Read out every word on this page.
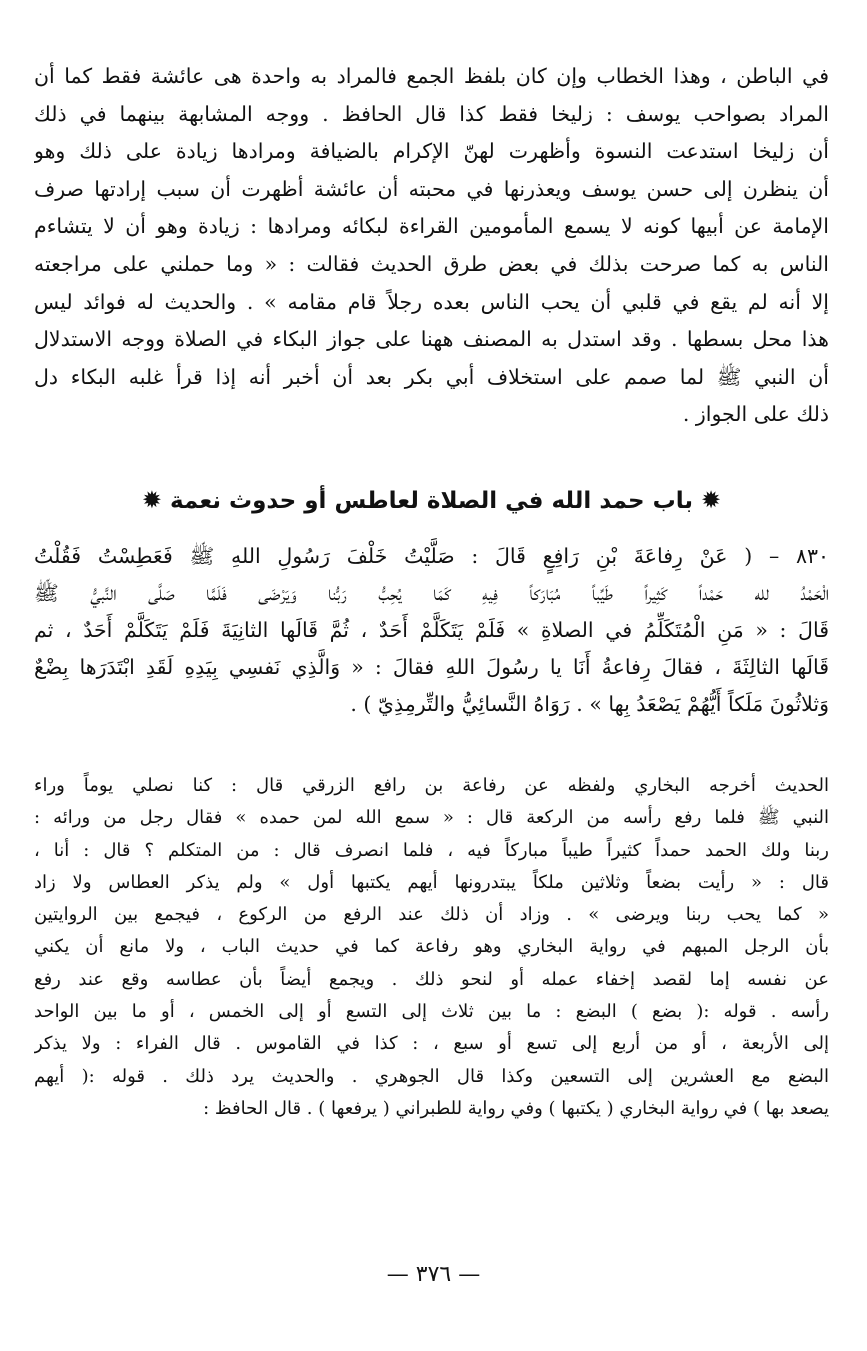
في الباطن ، وهذا الخطاب وإن كان بلفظ الجمع فالمراد به واحدة هى عائشة فقط كما أن
المراد بصواحب يوسف : زليخا فقط كذا قال الحافظ . ووجه المشابهة بينهما في ذلك
أن زليخا استدعت النسوة وأظهرت لهنّ الإكرام بالضيافة ومرادها زيادة على ذلك وهو
أن ينظرن إلى حسن يوسف ويعذرنها في محبته أن عائشة أظهرت أن سبب إرادتها صرف
الإمامة عن أبيها كونه لا يسمع المأمومين القراءة لبكائه ومرادها : زيادة وهو أن لا يتشاءم
الناس به كما صرحت بذلك في بعض طرق الحديث فقالت : « وما حملني على مراجعته
إلا أنه لم يقع في قلبي أن يحب الناس بعده رجلاً قام مقامه » . والحديث له فوائد ليس
هذا محل بسطها . وقد استدل به المصنف ههنا على جواز البكاء في الصلاة ووجه الاستدلال
أن النبي ﷺ لما صمم على استخلاف أبي بكر بعد أن أخبر أنه إذا قرأ غلبه البكاء دل
ذلك على الجواز .
✹ باب حمد الله في الصلاة لعاطس أو حدوث نعمة ✹
٨٣٠ – ( عَنْ رِفاعَةَ بْنِ رَافِعٍ قَالَ : صَلَّيْتُ خَلْفَ رَسُولِ اللهِ ﷺ فَعَطِسْتُ فَقُلْتُ
الْحَمْدُ لله حَمْداً كَثِيراً طَيِّباً مُبَارَكاً فِيهِ كَمَا يُحِبُّ رَبُّنا وَيَرْضَى فَلَمَّا صَلَّى النَّبيُّ ﷺ
قَالَ : « مَنِ الْمُتَكَلِّمُ في الصلاةِ » فَلَمْ يَتَكَلَّمْ أَحَدٌ ، ثُمَّ قَالَها الثانِيَةَ فَلَمْ يَتَكَلَّمْ أَحَدٌ ، ثم
قَالَها الثالِثَةَ ، فقالَ رِفاعةُ أَنَا يا رسُولَ اللهِ فقالَ : « وَالَّذِي نَفسِي بِيَدِهِ لَقَدِ ابْتَدَرَها بِضْعٌ
وَثلاثُونَ مَلَكاً أَيُّهُمْ يَصْعَدُ بِها » . رَوَاهُ النَّسائِيُّ والتِّرمِذِيّ ) .
الحديث أخرجه البخاري ولفظه عن رفاعة بن رافع الزرقي قال : كنا نصلي يوماً وراء
النبي ﷺ فلما رفع رأسه من الركعة قال : « سمع الله لمن حمده » فقال رجل من ورائه :
ربنا ولك الحمد حمداً كثيراً طيباً مباركاً فيه ، فلما انصرف قال : من المتكلم ؟ قال : أنا ،
قال : « رأيت بضعاً وثلاثين ملكاً يبتدرونها أيهم يكتبها أول » ولم يذكر العطاس ولا زاد
« كما يحب ربنا ويرضى » . وزاد أن ذلك عند الرفع من الركوع ، فيجمع بين الروايتين
بأن الرجل المبهم في رواية البخاري وهو رفاعة كما في حديث الباب ، ولا مانع أن يكني
عن نفسه إما لقصد إخفاء عمله أو لنحو ذلك . ويجمع أيضاً بأن عطاسه وقع عند رفع
رأسه . قوله :( بضع ) البضع : ما بين ثلاث إلى التسع أو إلى الخمس ، أو ما بين الواحد
إلى الأربعة ، أو من أربع إلى تسع أو سبع ، : كذا في القاموس . قال الفراء : ولا يذكر
البضع مع العشرين إلى التسعين وكذا قال الجوهري . والحديث يرد ذلك . قوله :( أيهم
يصعد بها ) في رواية البخاري ( يكتبها ) وفي رواية للطبراني ( يرفعها ) . قال الحافظ :
— ٣٧٦ —
